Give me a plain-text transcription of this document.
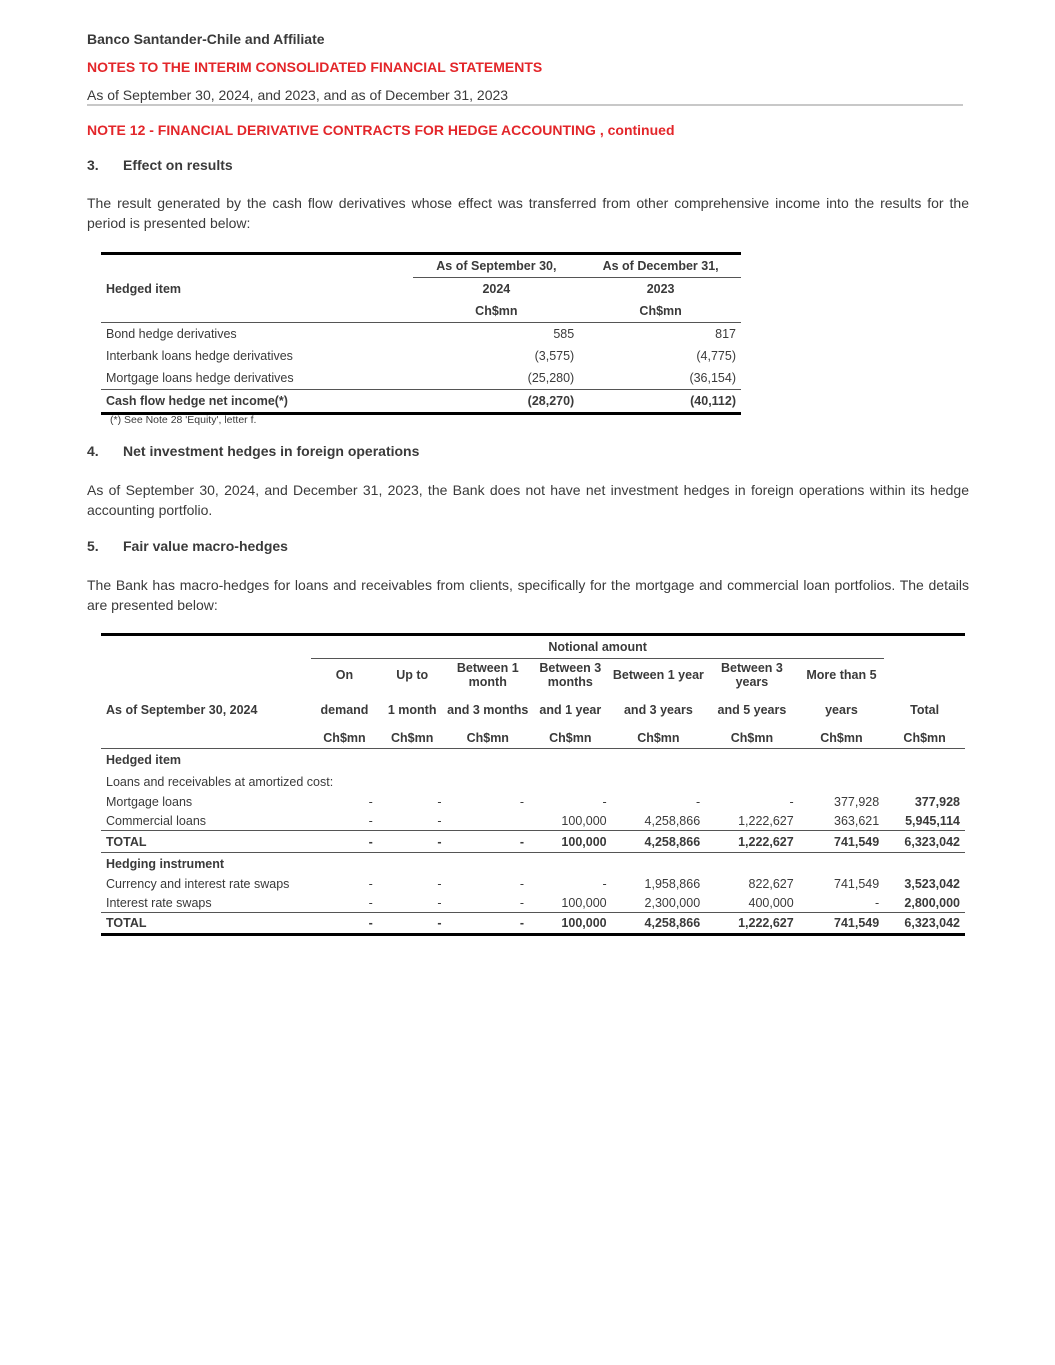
Banco Santander-Chile and Affiliate
NOTES TO THE INTERIM CONSOLIDATED FINANCIAL STATEMENTS
As of September 30, 2024, and 2023, and as of December 31, 2023
NOTE 12 - FINANCIAL DERIVATIVE CONTRACTS FOR HEDGE ACCOUNTING , continued
3. Effect on results
The result generated by the cash flow derivatives whose effect was transferred from other comprehensive income into the results for the period is presented below:
	As of September 30,	As of December 31,
Hedged item	2024	2023
	Ch$mn	Ch$mn
Bond hedge derivatives	585	817
Interbank loans hedge derivatives	(3,575)	(4,775)
Mortgage loans hedge derivatives	(25,280)	(36,154)
Cash flow hedge net income(*)	(28,270)	(40,112)
(*) See Note 28 'Equity', letter f.
4. Net investment hedges in foreign operations
As of September 30, 2024, and December 31, 2023, the Bank does not have net investment hedges in foreign operations within its hedge accounting portfolio.
5. Fair value macro-hedges
The Bank has macro-hedges for loans and receivables from clients, specifically for the mortgage and commercial loan portfolios. The details are presented below:
	Notional amount							
	On	Up to	Between 1 month	Between 3 months	Between 1 year	Between 3 years	More than 5	
As of September 30, 2024	demand	1 month	and 3 months	and 1 year	and 3 years	and 5 years	years	Total
	Ch$mn	Ch$mn	Ch$mn	Ch$mn	Ch$mn	Ch$mn	Ch$mn	Ch$mn
Hedged item								
Loans and receivables at amortized cost:								
Mortgage loans	-	-	-	-	-	-	377,928	377,928
Commercial loans	-	-		100,000	4,258,866	1,222,627	363,621	5,945,114
TOTAL	-	-	-	100,000	4,258,866	1,222,627	741,549	6,323,042
Hedging instrument								
Currency and interest rate swaps	-	-	-	-	1,958,866	822,627	741,549	3,523,042
Interest rate swaps	-	-	-	100,000	2,300,000	400,000	-	2,800,000
TOTAL	-	-	-	100,000	4,258,866	1,222,627	741,549	6,323,042
